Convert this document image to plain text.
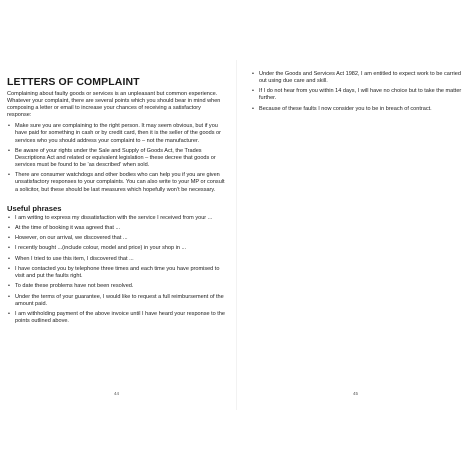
LETTERS OF COMPLAINT

Complaining about faulty goods or services is an unpleasant but common experience. Whatever your complaint, there are several points which you should bear in mind when composing a letter or email to increase your chances of receiving a satisfactory response:

• Make sure you are complaining to the right person. It may seem obvious, but if you have paid for something in cash or by credit card, then it is the seller of the goods or services who you should address your complaint to – not the manufacturer.
• Be aware of your rights under the Sale and Supply of Goods Act, the Trades Descriptions Act and related or equivalent legislation – these decree that goods or services must be found to be ‘as described’ when sold.
• There are consumer watchdogs and other bodies who can help you if you are given unsatisfactory responses to your complaints. You can also write to your MP or consult a solicitor, but these should be last measures which hopefully won’t be necessary.
Useful phrases
• I am writing to express my dissatisfaction with the service I received from your ...
• At the time of booking it was agreed that ...
• However, on our arrival, we discovered that ...
• I recently bought ...(include colour, model and price) in your shop in ...
• When I tried to use this item, I discovered that ...
• I have contacted you by telephone three times and each time you have promised to visit and put the faults right.
• To date these problems have not been resolved.
• Under the terms of your guarantee, I would like to request a full reimbursement of the amount paid.
• I am withholding payment of the above invoice until I have heard your response to the points outlined above.
44
• Under the Goods and Services Act 1982, I am entitled to expect work to be carried out using due care and skill.
• If I do not hear from you within 14 days, I will have no choice but to take the matter further.
• Because of these faults I now consider you to be in breach of contract.
45
